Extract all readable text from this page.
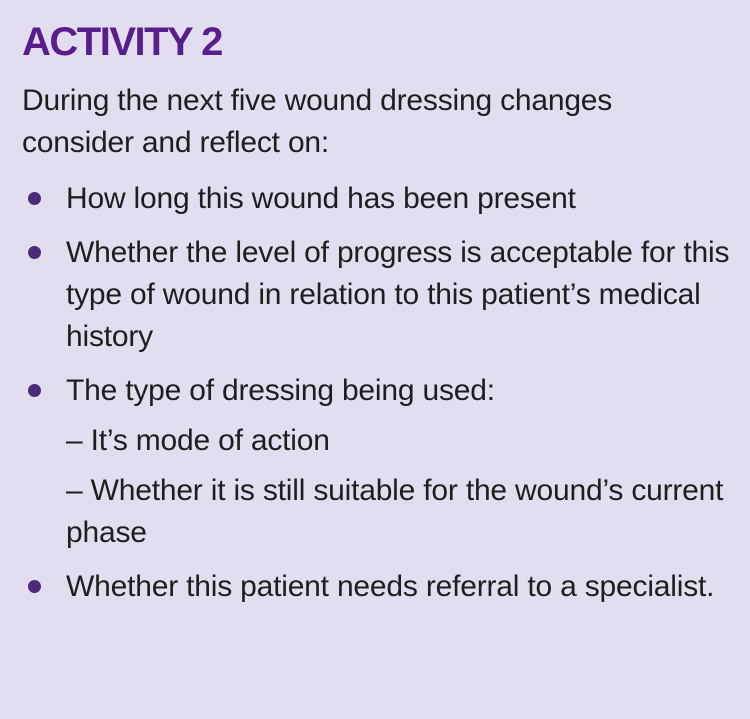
ACTIVITY 2

During the next five wound dressing changes consider and reflect on:

How long this wound has been present
Whether the level of progress is acceptable for this type of wound in relation to this patient’s medical history
The type of dressing being used:
– It’s mode of action
– Whether it is still suitable for the wound’s current phase
Whether this patient needs referral to a specialist.
